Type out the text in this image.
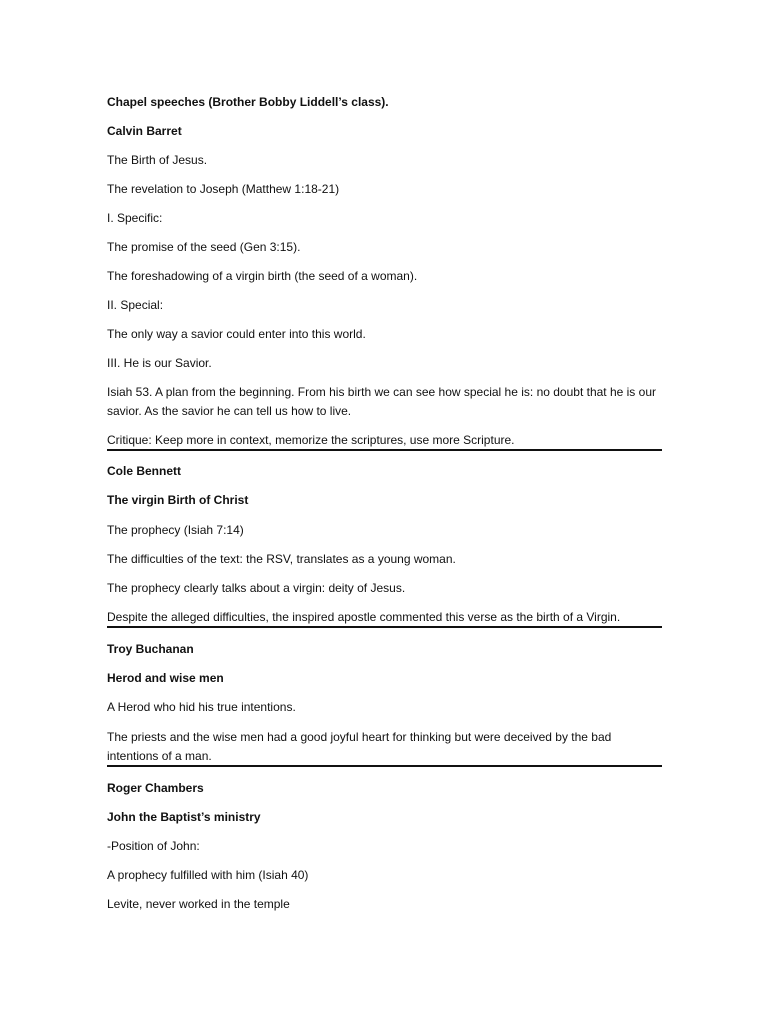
Chapel speeches (Brother Bobby Liddell’s class).
Calvin Barret
The Birth of Jesus.
The revelation to Joseph (Matthew 1:18-21)
I. Specific:
The promise of the seed (Gen 3:15).
The foreshadowing of a virgin birth (the seed of a woman).
II. Special:
The only way a savior could enter into this world.
III. He is our Savior.
Isiah 53. A plan from the beginning. From his birth we can see how special he is: no doubt that he is our savior. As the savior he can tell us how to live.
Critique: Keep more in context, memorize the scriptures, use more Scripture.
Cole Bennett
The virgin Birth of Christ
The prophecy (Isiah 7:14)
The difficulties of the text: the RSV, translates as a young woman.
The prophecy clearly talks about a virgin: deity of Jesus.
Despite the alleged difficulties, the inspired apostle commented this verse as the birth of a Virgin.
Troy Buchanan
Herod and wise men
A Herod who hid his true intentions.
The priests and the wise men had a good joyful heart for thinking but were deceived by the bad intentions of a man.
Roger Chambers
John the Baptist’s ministry
-Position of John:
A prophecy fulfilled with him (Isiah 40)
Levite, never worked in the temple
